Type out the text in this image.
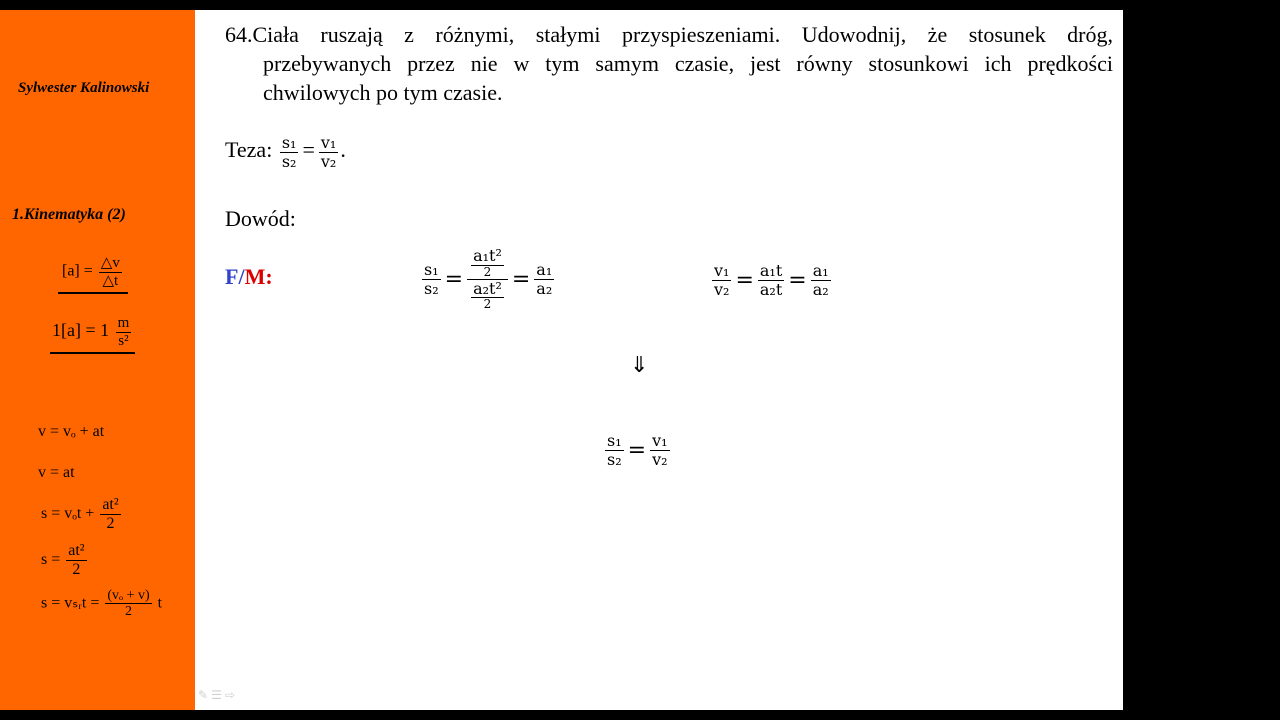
Sylwester Kalinowski
1.Kinematyka (2)
$[a] = \frac{\triangle v}{\triangle t}$
$1[a] = 1 \frac{m}{\text{s²}}$
v = vₒ + at
v = at
$s = v_ot + \frac{\text{at²}}{2}$
$s = \frac{\text{at²}}{2}$
s = vₛᵣt = $\frac{\text{(vₒ + v)}}{2}$ t
64.Ciała ruszają z różnymi, stałymi przyspieszeniami. Udowodnij, że stosunek dróg,
przebywanych przez nie w tym samym czasie, jest równy stosunkowi ich prędkości
chwilowych po tym czasie.
Teza: $\frac{\text{s₁}}{\text{s₂}} = \frac{\text{v₁}}{\text{v₂}}$ .
Dowód:
F/M:	$\frac{\text{s₁}}{\text{s₂}} = \frac{\frac{\text{a₁t²}}{2}}{\frac{\text{a₂t²}}{2}} = \frac{\text{a₁}}{\text{a₂}}$	$\frac{\text{v₁}}{\text{v₂}} = \frac{\text{a₁t}}{\text{a₂t}} = \frac{\text{a₁}}{\text{a₂}}$
⇓
$\frac{\text{s₁}}{\text{s₂}} = \frac{\text{v₁}}{\text{v₂}}$
✎ ☰ ⇨
